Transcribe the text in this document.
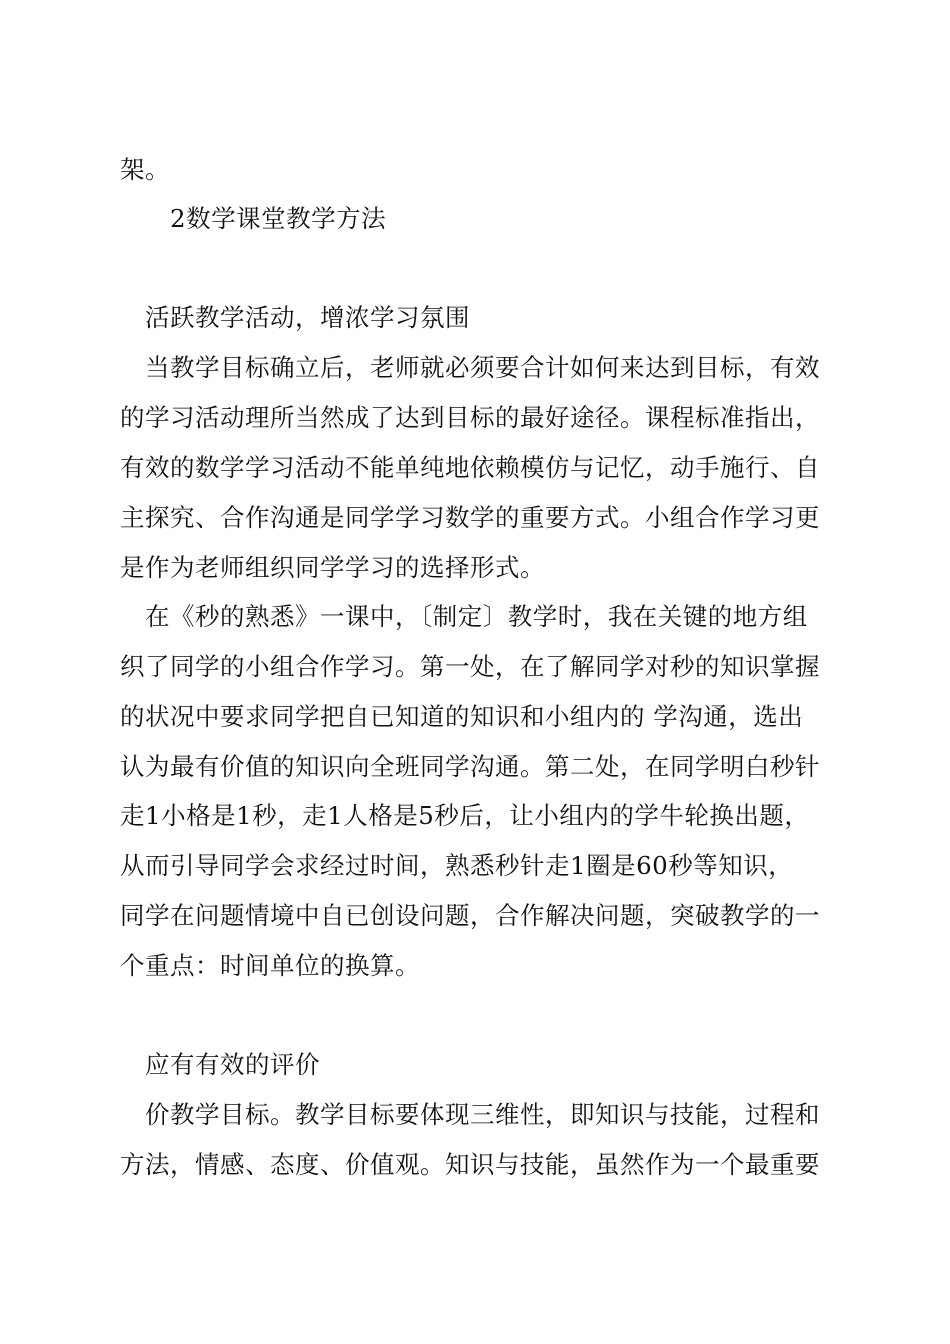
架。
2数学课堂教学方法
活跃教学活动，增浓学习氛围
当教学目标确立后，老师就必须要合计如何来达到目标，有效
的学习活动理所当然成了达到目标的最好途径。课程标准指出，
有效的数学学习活动不能单纯地依赖模仿与记忆，动手施行、自
主探究、合作沟通是同学学习数学的重要方式。小组合作学习更
是作为老师组织同学学习的选择形式。
在《秒的熟悉》一课中，〔制定〕教学时，我在关键的地方组
织了同学的小组合作学习。第一处，在了解同学对秒的知识掌握
的状况中要求同学把自已知道的知识和小组内的 学沟通，选出
认为最有价值的知识向全班同学沟通。第二处，在同学明白秒针
走1小格是1秒，走1人格是5秒后，让小组内的学牛轮换出题，
从而引导同学会求经过时间，熟悉秒针走1圈是60秒等知识，
同学在问题情境中自已创设问题，合作解决问题，突破教学的一
个重点：时间单位的换算。
应有有效的评价
价教学目标。教学目标要体现三维性，即知识与技能，过程和
方法，情感、态度、价值观。知识与技能，虽然作为一个最重要
